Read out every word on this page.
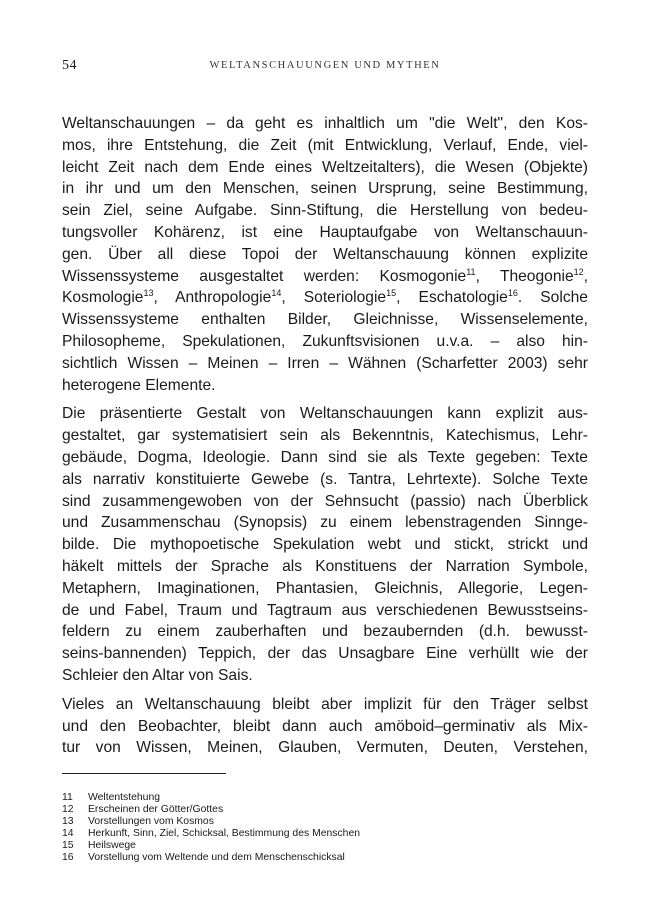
54	WELTANSCHAUUNGEN UND MYTHEN

Weltanschauungen – da geht es inhaltlich um "die Welt", den Kos-
mos, ihre Entstehung, die Zeit (mit Entwicklung, Verlauf, Ende, viel-
leicht Zeit nach dem Ende eines Weltzeitalters), die Wesen (Objekte)
in ihr und um den Menschen, seinen Ursprung, seine Bestimmung,
sein Ziel, seine Aufgabe. Sinn-Stiftung, die Herstellung von bedeu-
tungsvoller Kohärenz, ist eine Hauptaufgabe von Weltanschauun-
gen. Über all diese Topoi der Weltanschauung können explizite
Wissenssysteme ausgestaltet werden: Kosmogonie$^{11}$, Theogonie$^{12}$,
Kosmologie$^{13}$, Anthropologie$^{14}$, Soteriologie$^{15}$, Eschatologie$^{16}$. Solche
Wissenssysteme enthalten Bilder, Gleichnisse, Wissenselemente,
Philosopheme, Spekulationen, Zukunftsvisionen u.v.a. – also hin-
sichtlich Wissen – Meinen – Irren – Wähnen (Scharfetter 2003) sehr
heterogene Elemente.

Die präsentierte Gestalt von Weltanschauungen kann explizit aus-
gestaltet, gar systematisiert sein als Bekenntnis, Katechismus, Lehr-
gebäude, Dogma, Ideologie. Dann sind sie als Texte gegeben: Texte
als narrativ konstituierte Gewebe (s. Tantra, Lehrtexte). Solche Texte
sind zusammengewoben von der Sehnsucht (passio) nach Überblick
und Zusammenschau (Synopsis) zu einem lebenstragenden Sinnge-
bilde. Die mythopoetische Spekulation webt und stickt, strickt und
häkelt mittels der Sprache als Konstituens der Narration Symbole,
Metaphern, Imaginationen, Phantasien, Gleichnis, Allegorie, Legen-
de und Fabel, Traum und Tagtraum aus verschiedenen Bewusstseins-
feldern zu einem zauberhaften und bezaubernden (d.h. bewusst-
seins-bannenden) Teppich, der das Unsagbare Eine verhüllt wie der
Schleier den Altar von Sais.

Vieles an Weltanschauung bleibt aber implizit für den Träger selbst
und den Beobachter, bleibt dann auch amöboid–germinativ als Mix-
tur von Wissen, Meinen, Glauben, Vermuten, Deuten, Verstehen,

11 Weltentstehung
12 Erscheinen der Götter/Gottes
13 Vorstellungen vom Kosmos
14 Herkunft, Sinn, Ziel, Schicksal, Bestimmung des Menschen
15 Heilswege
16 Vorstellung vom Weltende und dem Menschenschicksal
